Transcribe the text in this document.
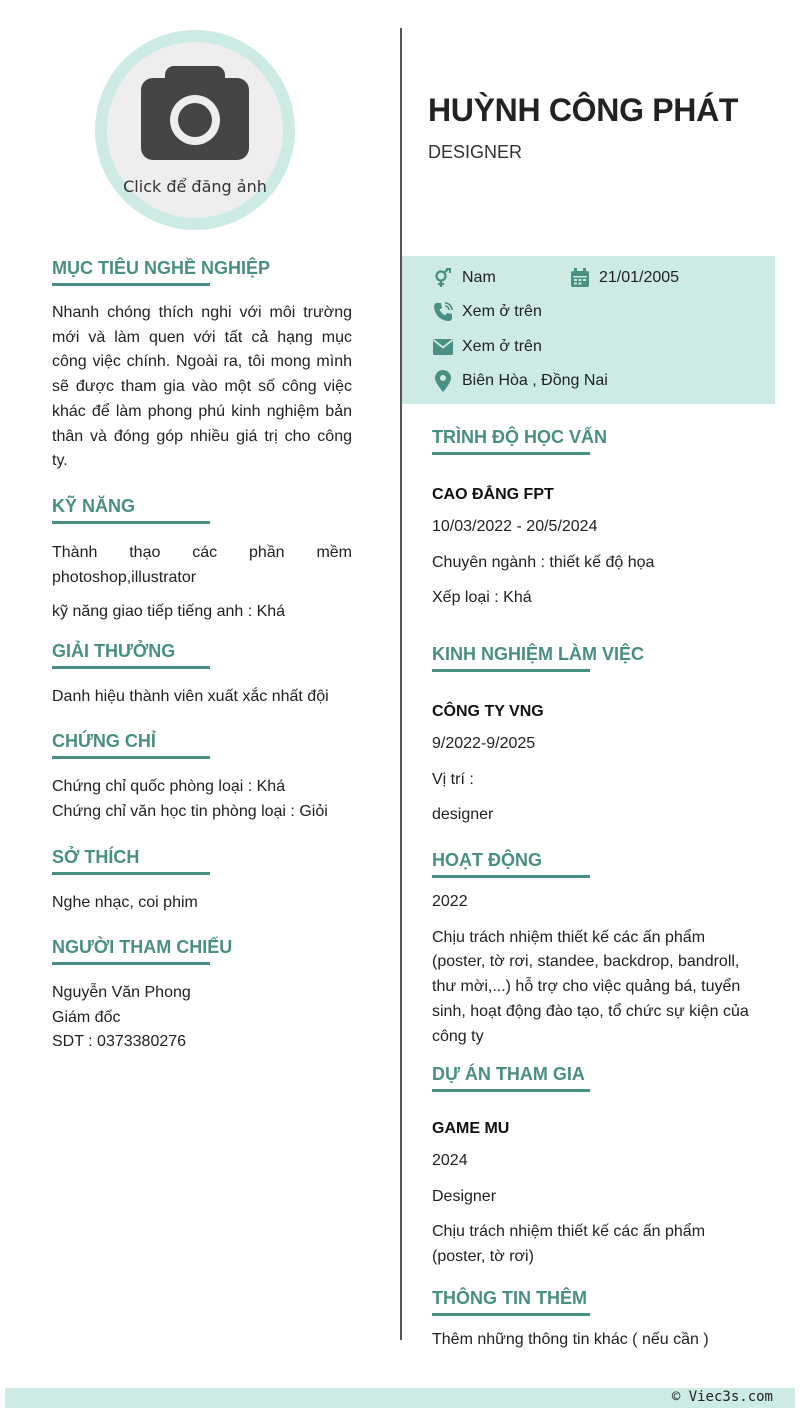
Click để đăng ảnh
HUỲNH CÔNG PHÁT
DESIGNER
Nam	21/01/2005
Xem ở trên
Xem ở trên
Biên Hòa , Đồng Nai
MỤC TIÊU NGHỀ NGHIỆP
Nhanh chóng thích nghi với môi trường mới và làm quen với tất cả hạng mục công việc chính. Ngoài ra, tôi mong mình sẽ được tham gia vào một số công việc khác để làm phong phú kinh nghiệm bản thân và đóng góp nhiều giá trị cho công ty.
KỸ NĂNG
Thành thạo các phần mềm photoshop,illustrator
kỹ năng giao tiếp tiếng anh : Khá
GIẢI THƯỞNG
Danh hiệu thành viên xuất xắc nhất đội
CHỨNG CHỈ
Chứng chỉ quốc phòng loại : Khá
Chứng chỉ văn học tin phòng loại : Giỏi
SỞ THÍCH
Nghe nhạc, coi phim
NGƯỜI THAM CHIẾU
Nguyễn Văn Phong
Giám đốc
SDT : 0373380276
TRÌNH ĐỘ HỌC VẤN
CAO ĐẲNG FPT
10/03/2022 - 20/5/2024
Chuyên ngành : thiết kế độ họa
Xếp loại : Khá
KINH NGHIỆM LÀM VIỆC
CÔNG TY VNG
9/2022-9/2025
Vị trí :
designer
HOẠT ĐỘNG
2022
Chịu trách nhiệm thiết kế các ấn phẩm (poster, tờ rơi, standee, backdrop, bandroll, thư mời,...) hỗ trợ cho việc quảng bá, tuyển sinh, hoạt động đào tạo, tổ chức sự kiện của công ty
DỰ ÁN THAM GIA
GAME MU
2024
Designer
Chịu trách nhiệm thiết kế các ấn phẩm (poster, tờ rơi)
THÔNG TIN THÊM
Thêm những thông tin khác ( nếu cần )
© Viec3s.com
